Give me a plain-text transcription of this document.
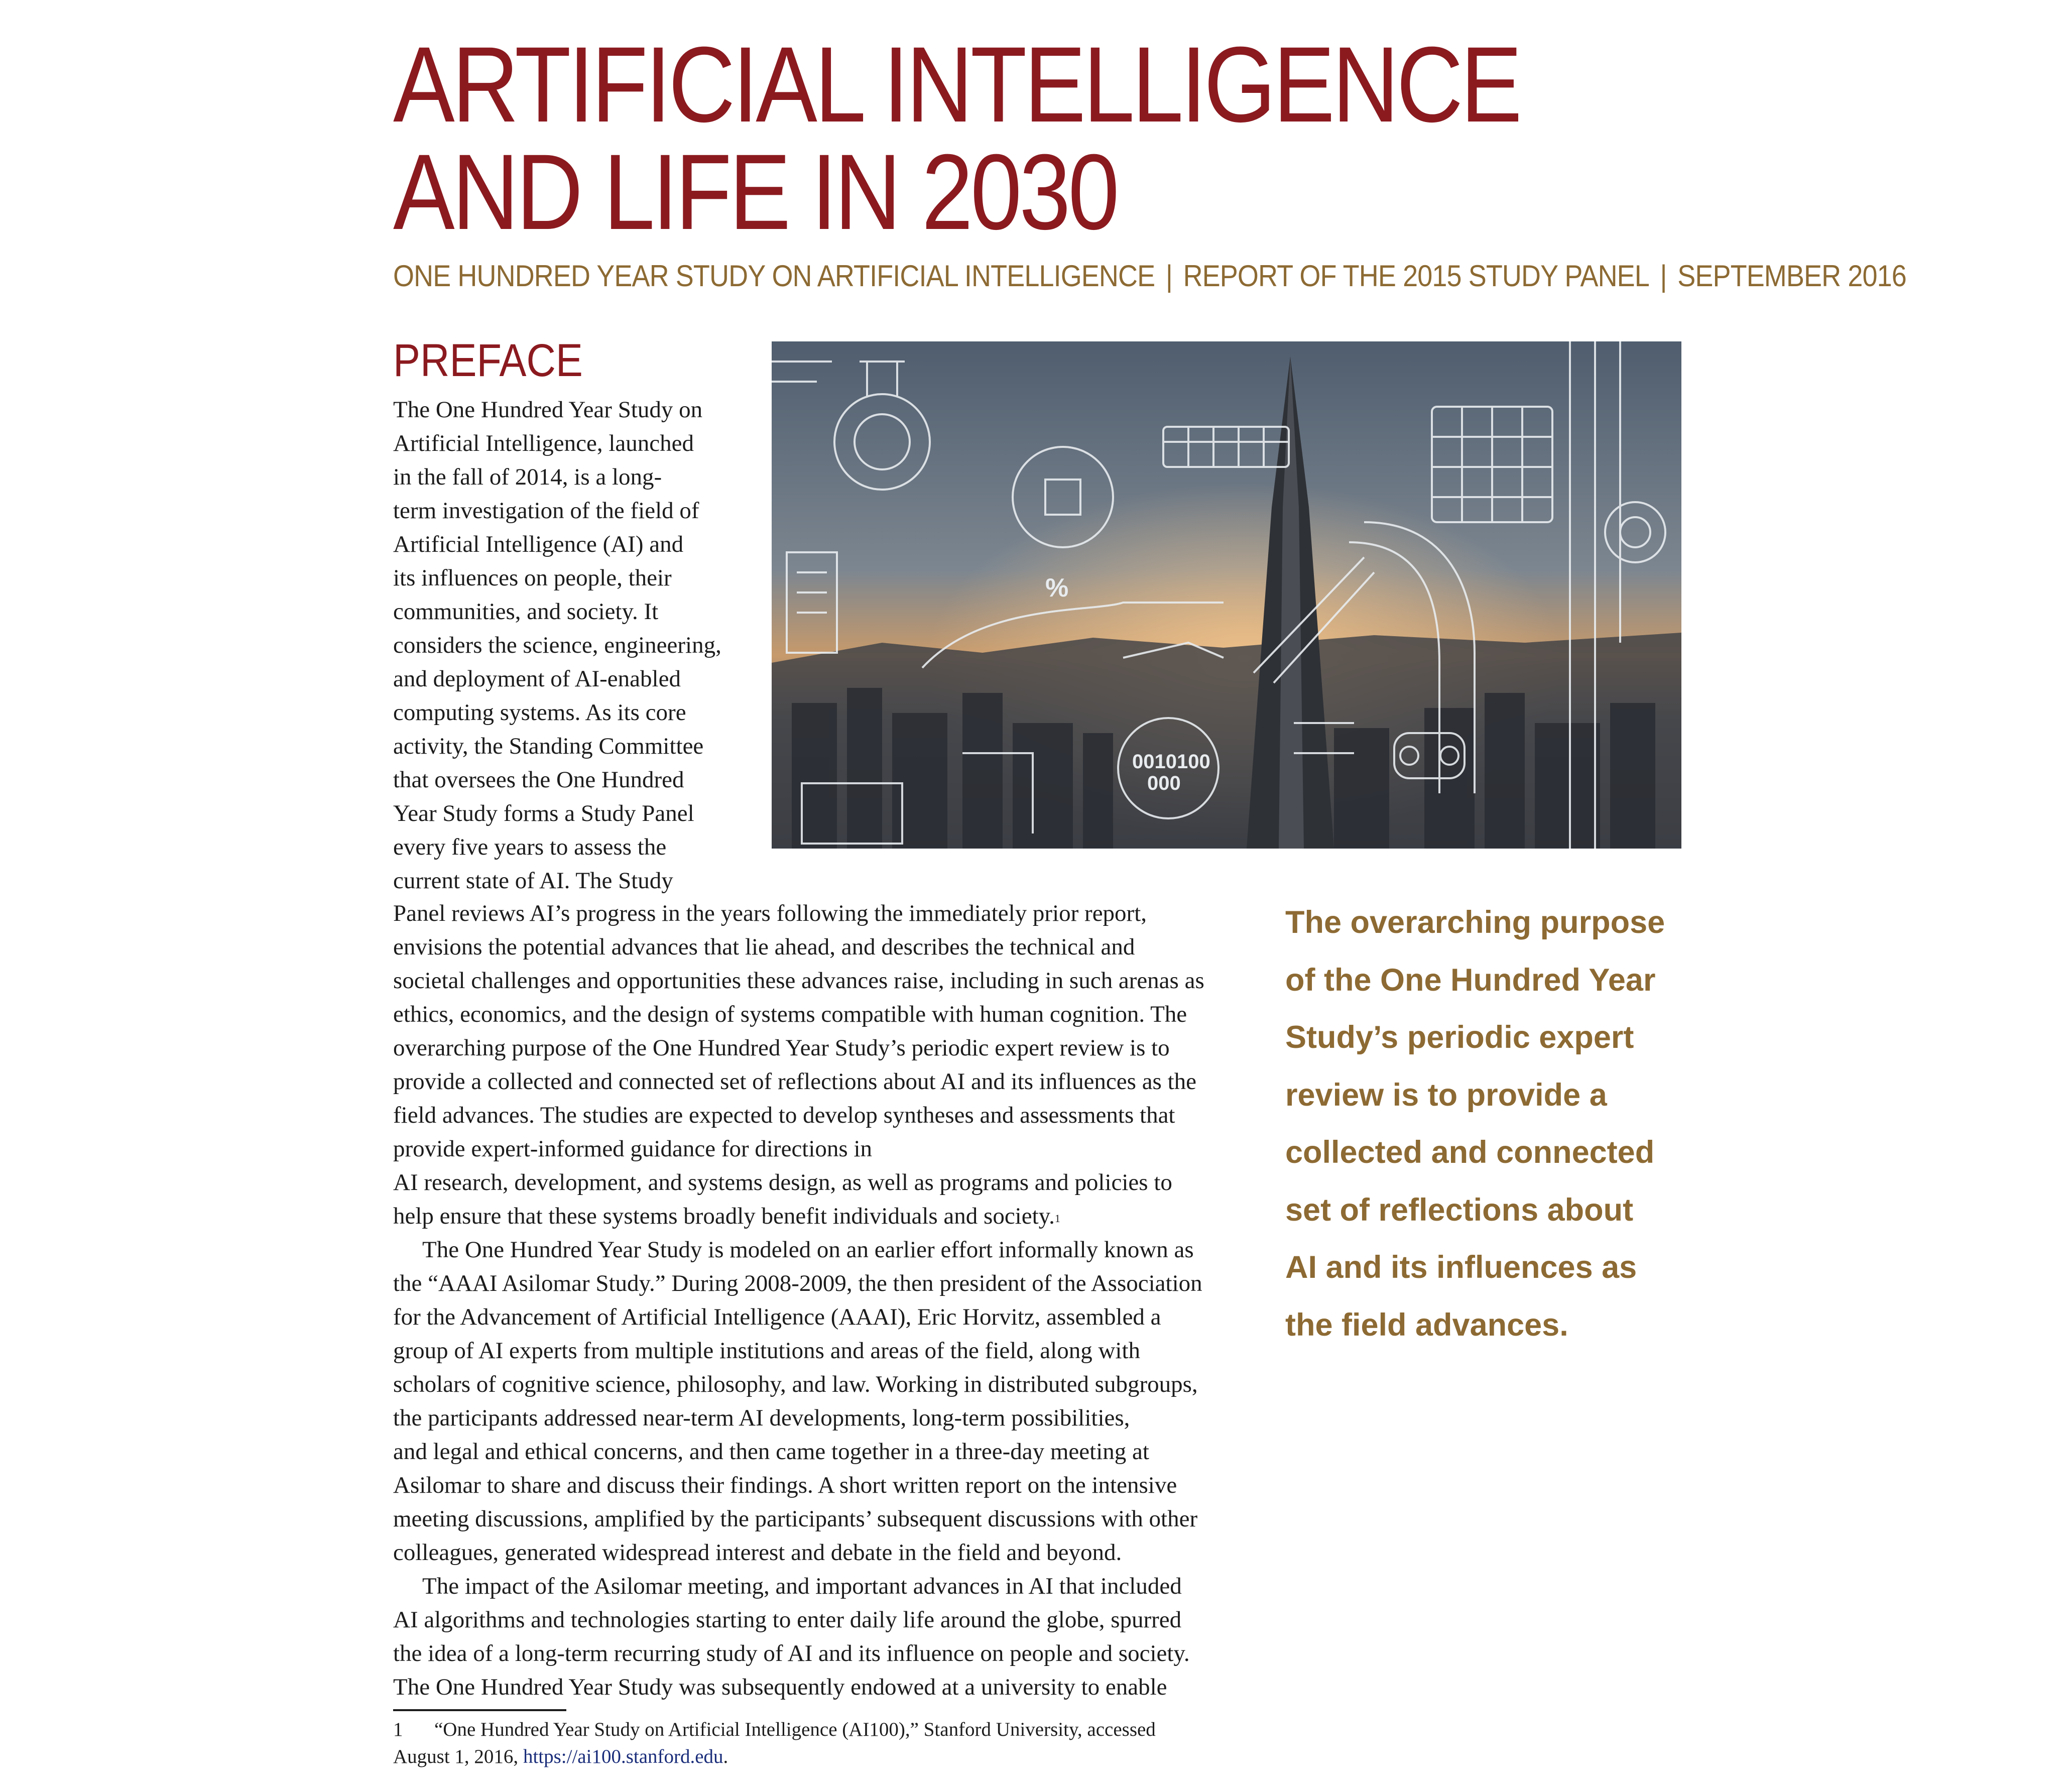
ARTIFICIAL INTELLIGENCE
AND LIFE IN 2030
ONE HUNDRED YEAR STUDY ON ARTIFICIAL INTELLIGENCE | REPORT OF THE 2015 STUDY PANEL | SEPTEMBER 2016
PREFACE
The One Hundred Year Study on
Artificial Intelligence, launched
in the fall of 2014, is a long-
term investigation of the field of
Artificial Intelligence (AI) and
its influences on people, their
communities, and society. It
considers the science, engineering,
and deployment of AI-enabled
computing systems. As its core
activity, the Standing Committee
that oversees the One Hundred
Year Study forms a Study Panel
every five years to assess the
current state of AI. The Study
%
0010100
000
Panel reviews AI’s progress in the years following the immediately prior report,
envisions the potential advances that lie ahead, and describes the technical and
societal challenges and opportunities these advances raise, including in such arenas as
ethics, economics, and the design of systems compatible with human cognition. The
overarching purpose of the One Hundred Year Study’s periodic expert review is to
provide a collected and connected set of reflections about AI and its influences as the
field advances. The studies are expected to develop syntheses and assessments that
provide expert-informed guidance for directions in
AI research, development, and systems design, as well as programs and policies to
help ensure that these systems broadly benefit individuals and society.$^1$
The One Hundred Year Study is modeled on an earlier effort informally known as
the “AAAI Asilomar Study.” During 2008-2009, the then president of the Association
for the Advancement of Artificial Intelligence (AAAI), Eric Horvitz, assembled a
group of AI experts from multiple institutions and areas of the field, along with
scholars of cognitive science, philosophy, and law. Working in distributed subgroups,
the participants addressed near-term AI developments, long-term possibilities,
and legal and ethical concerns, and then came together in a three-day meeting at
Asilomar to share and discuss their findings. A short written report on the intensive
meeting discussions, amplified by the participants’ subsequent discussions with other
colleagues, generated widespread interest and debate in the field and beyond.
The impact of the Asilomar meeting, and important advances in AI that included
AI algorithms and technologies starting to enter daily life around the globe, spurred
the idea of a long-term recurring study of AI and its influence on people and society.
The One Hundred Year Study was subsequently endowed at a university to enable
The overarching purpose
of the One Hundred Year
Study’s periodic expert
review is to provide a
collected and connected
set of reflections about
AI and its influences as
the field advances.
1 “One Hundred Year Study on Artificial Intelligence (AI100),” Stanford University, accessed
August 1, 2016, https://ai100.stanford.edu.
